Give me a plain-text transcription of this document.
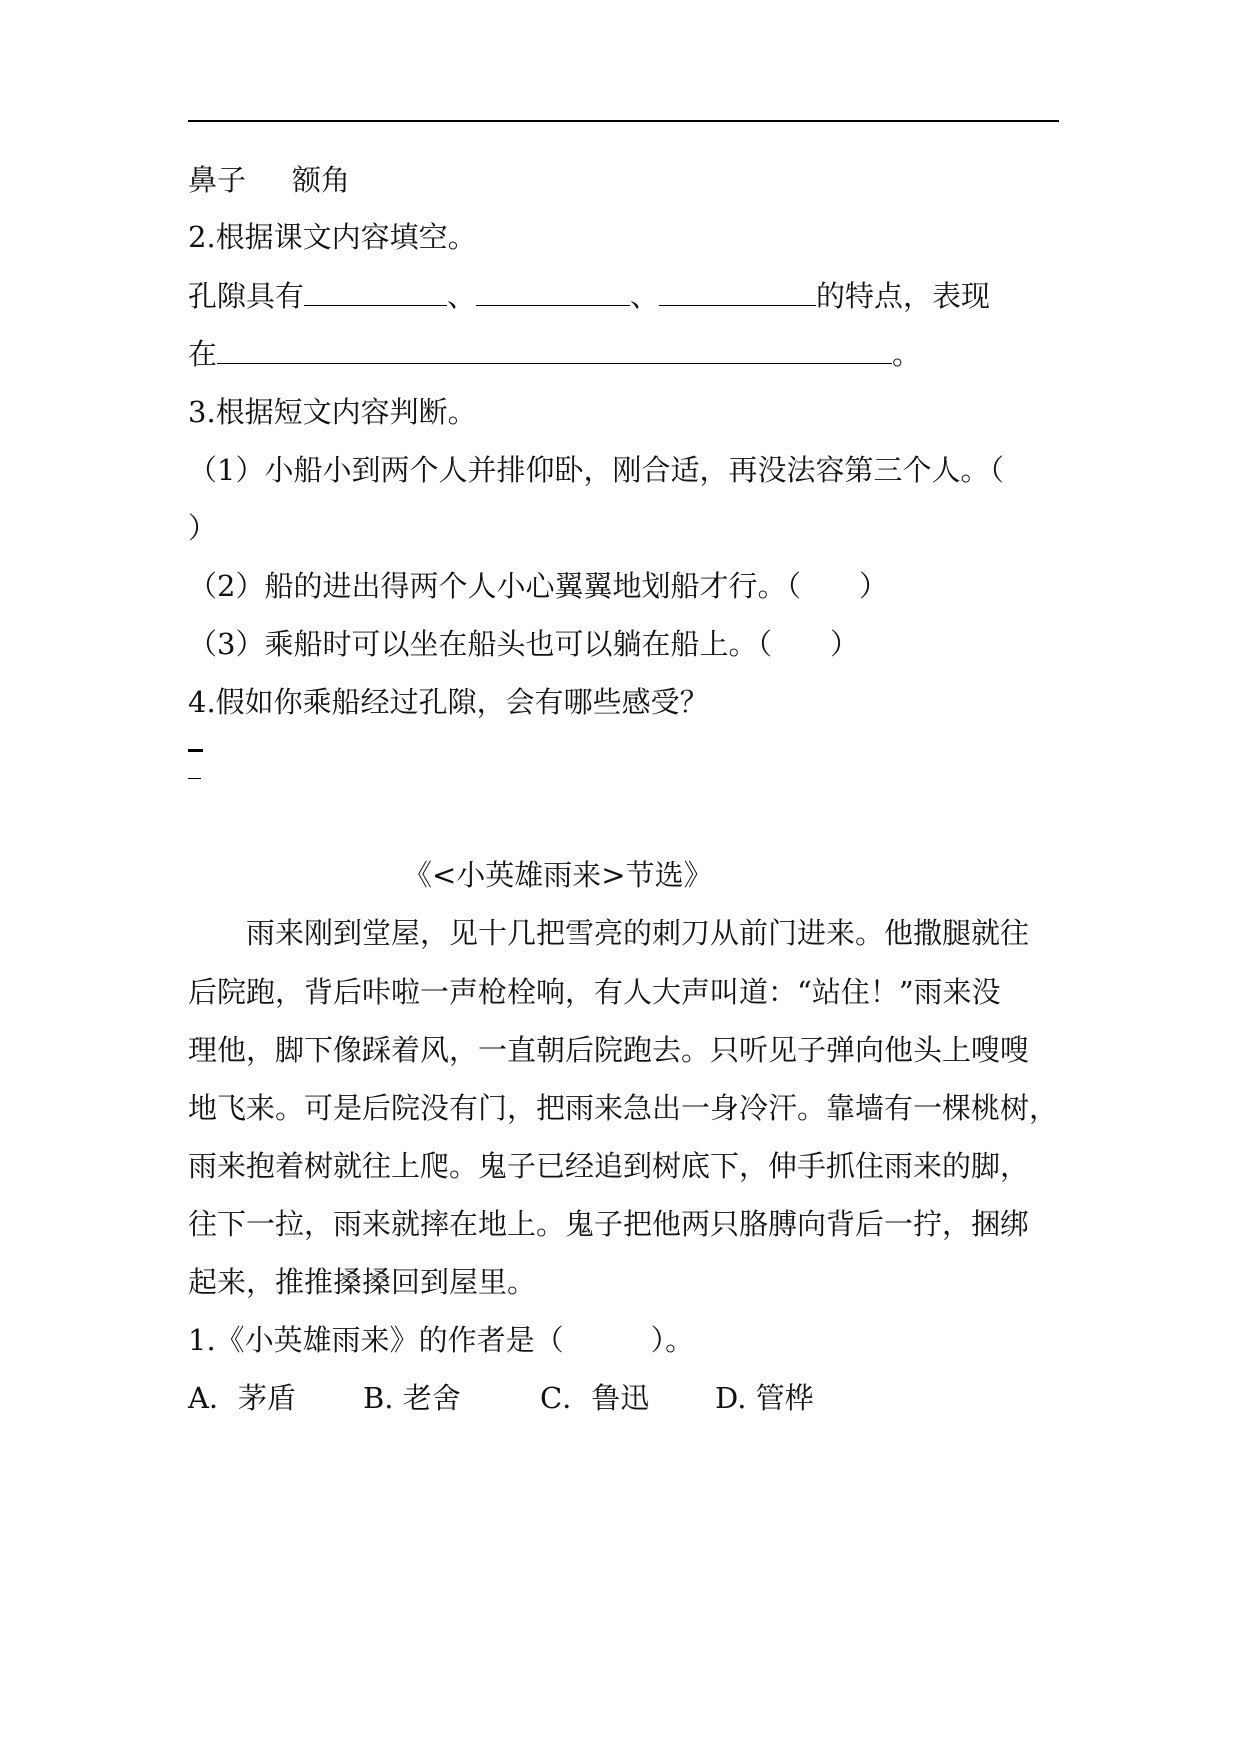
鼻子 额角
2.根据课文内容填空。
孔隙具有	、	、	的特点，表现
在	。
3.根据短文内容判断。
（1）小船小到两个人并排仰卧，刚合适，再没法容第三个人。（
）
（2）船的进出得两个人小心翼翼地划船才行。（　　）
（3）乘船时可以坐在船头也可以躺在船上。（　　）
4.假如你乘船经过孔隙，会有哪些感受？
《<小英雄雨来>节选》
　　雨来刚到堂屋，见十几把雪亮的刺刀从前门进来。他撒腿就往
后院跑，背后咔啦一声枪栓响，有人大声叫道：“站住！”雨来没
理他，脚下像踩着风，一直朝后院跑去。只听见子弹向他头上嗖嗖
地飞来。可是后院没有门，把雨来急出一身冷汗。靠墙有一棵桃树，
雨来抱着树就往上爬。鬼子已经追到树底下，伸手抓住雨来的脚，
往下一拉，雨来就摔在地上。鬼子把他两只胳膊向背后一拧，捆绑
起来，推推搡搡回到屋里。
1.《小英雄雨来》的作者是（　　　）。
A．茅盾 B. 老舍	C．鲁迅 D. 管桦
